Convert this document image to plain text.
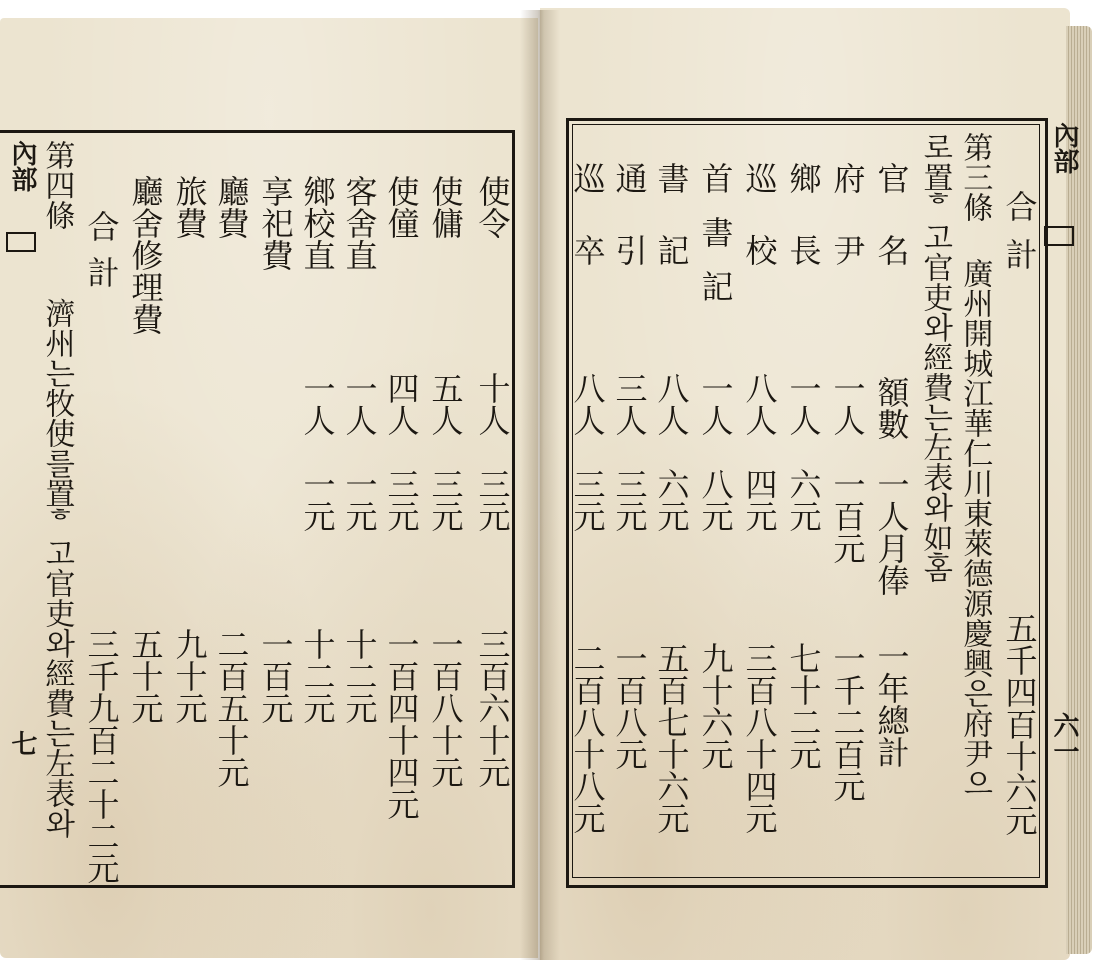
內部
七
第四條
濟州는牧使를置ᄒ고官吏와經費는左表와
使令
十人
三元
三百六十元
使傭
五人
三元
一百八十元
使僮
四人
三元
一百四十四元
客舍直
一人
一元
十二元
鄉校直
一人
一元
十二元
享祀費
一百元
廳費
二百五十元
旅費
九十元
廳舍修理費
五十元
合計
三千九百二十二元
內部
六一
合計
五千四百十六元
第三條
廣州開城江華仁川東萊德源慶興은府尹으
로置ᄒ고官吏와經費는左表와如홈
官名
額數
一人月俸
一年總計
府尹
一人
一百元
一千二百元
鄉長
一人
六元
七十二元
巡校
八人
四元
三百八十四元
首書記
一人
八元
九十六元
書記
八人
六元
五百七十六元
通引
三人
三元
一百八元
巡卒
八人
三元
二百八十八元
